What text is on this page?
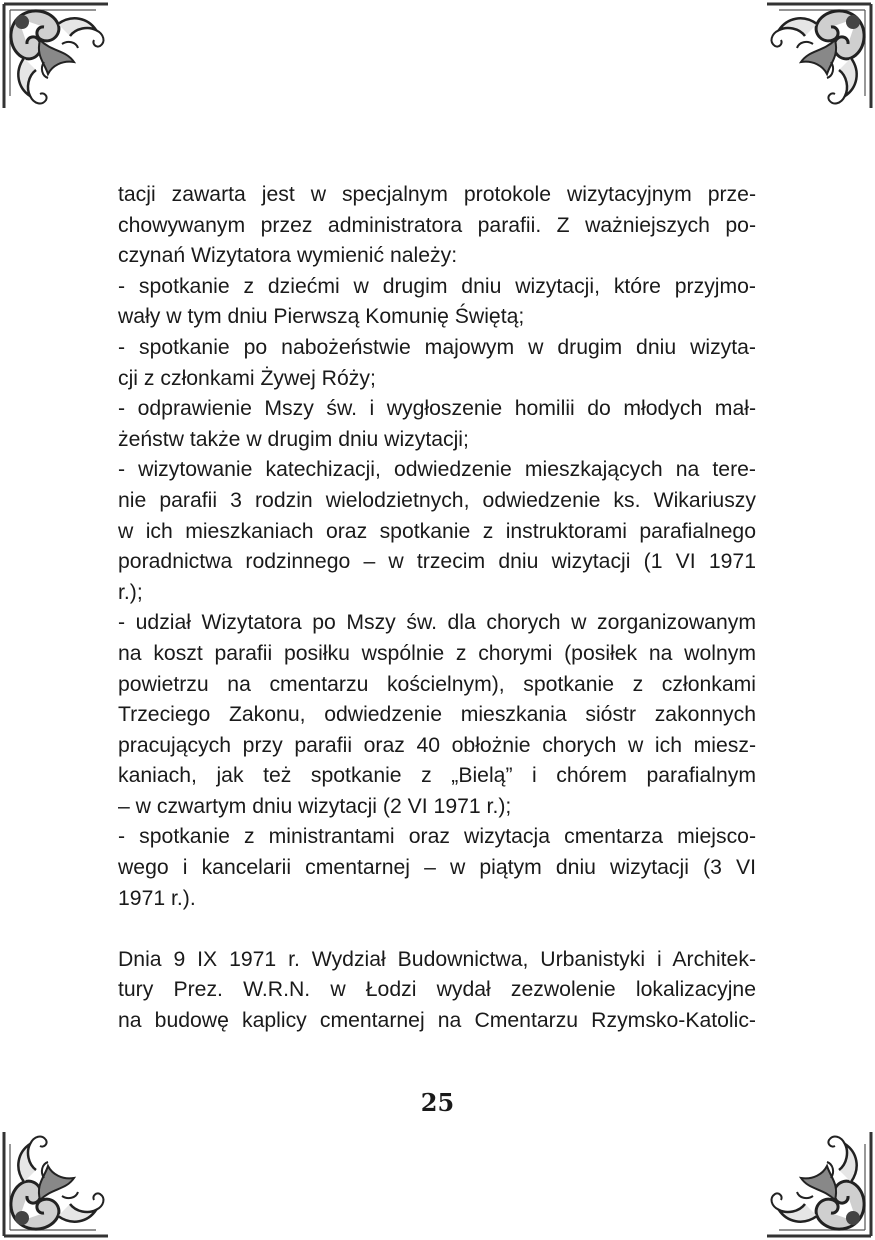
tacji zawarta jest w specjalnym protokole wizytacyjnym prze-
chowywanym przez administratora parafii. Z ważniejszych po-
czynań Wizytatora wymienić należy:
- spotkanie z dziećmi w drugim dniu wizytacji, które przyjmo-
wały w tym dniu Pierwszą Komunię Świętą;
- spotkanie po nabożeństwie majowym w drugim dniu wizyta-
cji z członkami Żywej Róży;
- odprawienie Mszy św. i wygłoszenie homilii do młodych mał-
żeństw także w drugim dniu wizytacji;
- wizytowanie katechizacji, odwiedzenie mieszkających na tere-
nie parafii 3 rodzin wielodzietnych, odwiedzenie ks. Wikariuszy
w ich mieszkaniach oraz spotkanie z instruktorami parafialnego
poradnictwa rodzinnego – w trzecim dniu wizytacji (1 VI 1971
r.);
- udział Wizytatora po Mszy św. dla chorych w zorganizowanym
na koszt parafii posiłku wspólnie z chorymi (posiłek na wolnym
powietrzu na cmentarzu kościelnym), spotkanie z członkami
Trzeciego Zakonu, odwiedzenie mieszkania sióstr zakonnych
pracujących przy parafii oraz 40 obłożnie chorych w ich miesz-
kaniach, jak też spotkanie z „Bielą” i chórem parafialnym
– w czwartym dniu wizytacji (2 VI 1971 r.);
- spotkanie z ministrantami oraz wizytacja cmentarza miejsco-
wego i kancelarii cmentarnej – w piątym dniu wizytacji (3 VI
1971 r.).
Dnia 9 IX 1971 r. Wydział Budownictwa, Urbanistyki i Architek-
tury Prez. W.R.N. w Łodzi wydał zezwolenie lokalizacyjne
na budowę kaplicy cmentarnej na Cmentarzu Rzymsko-Katolic-
25
